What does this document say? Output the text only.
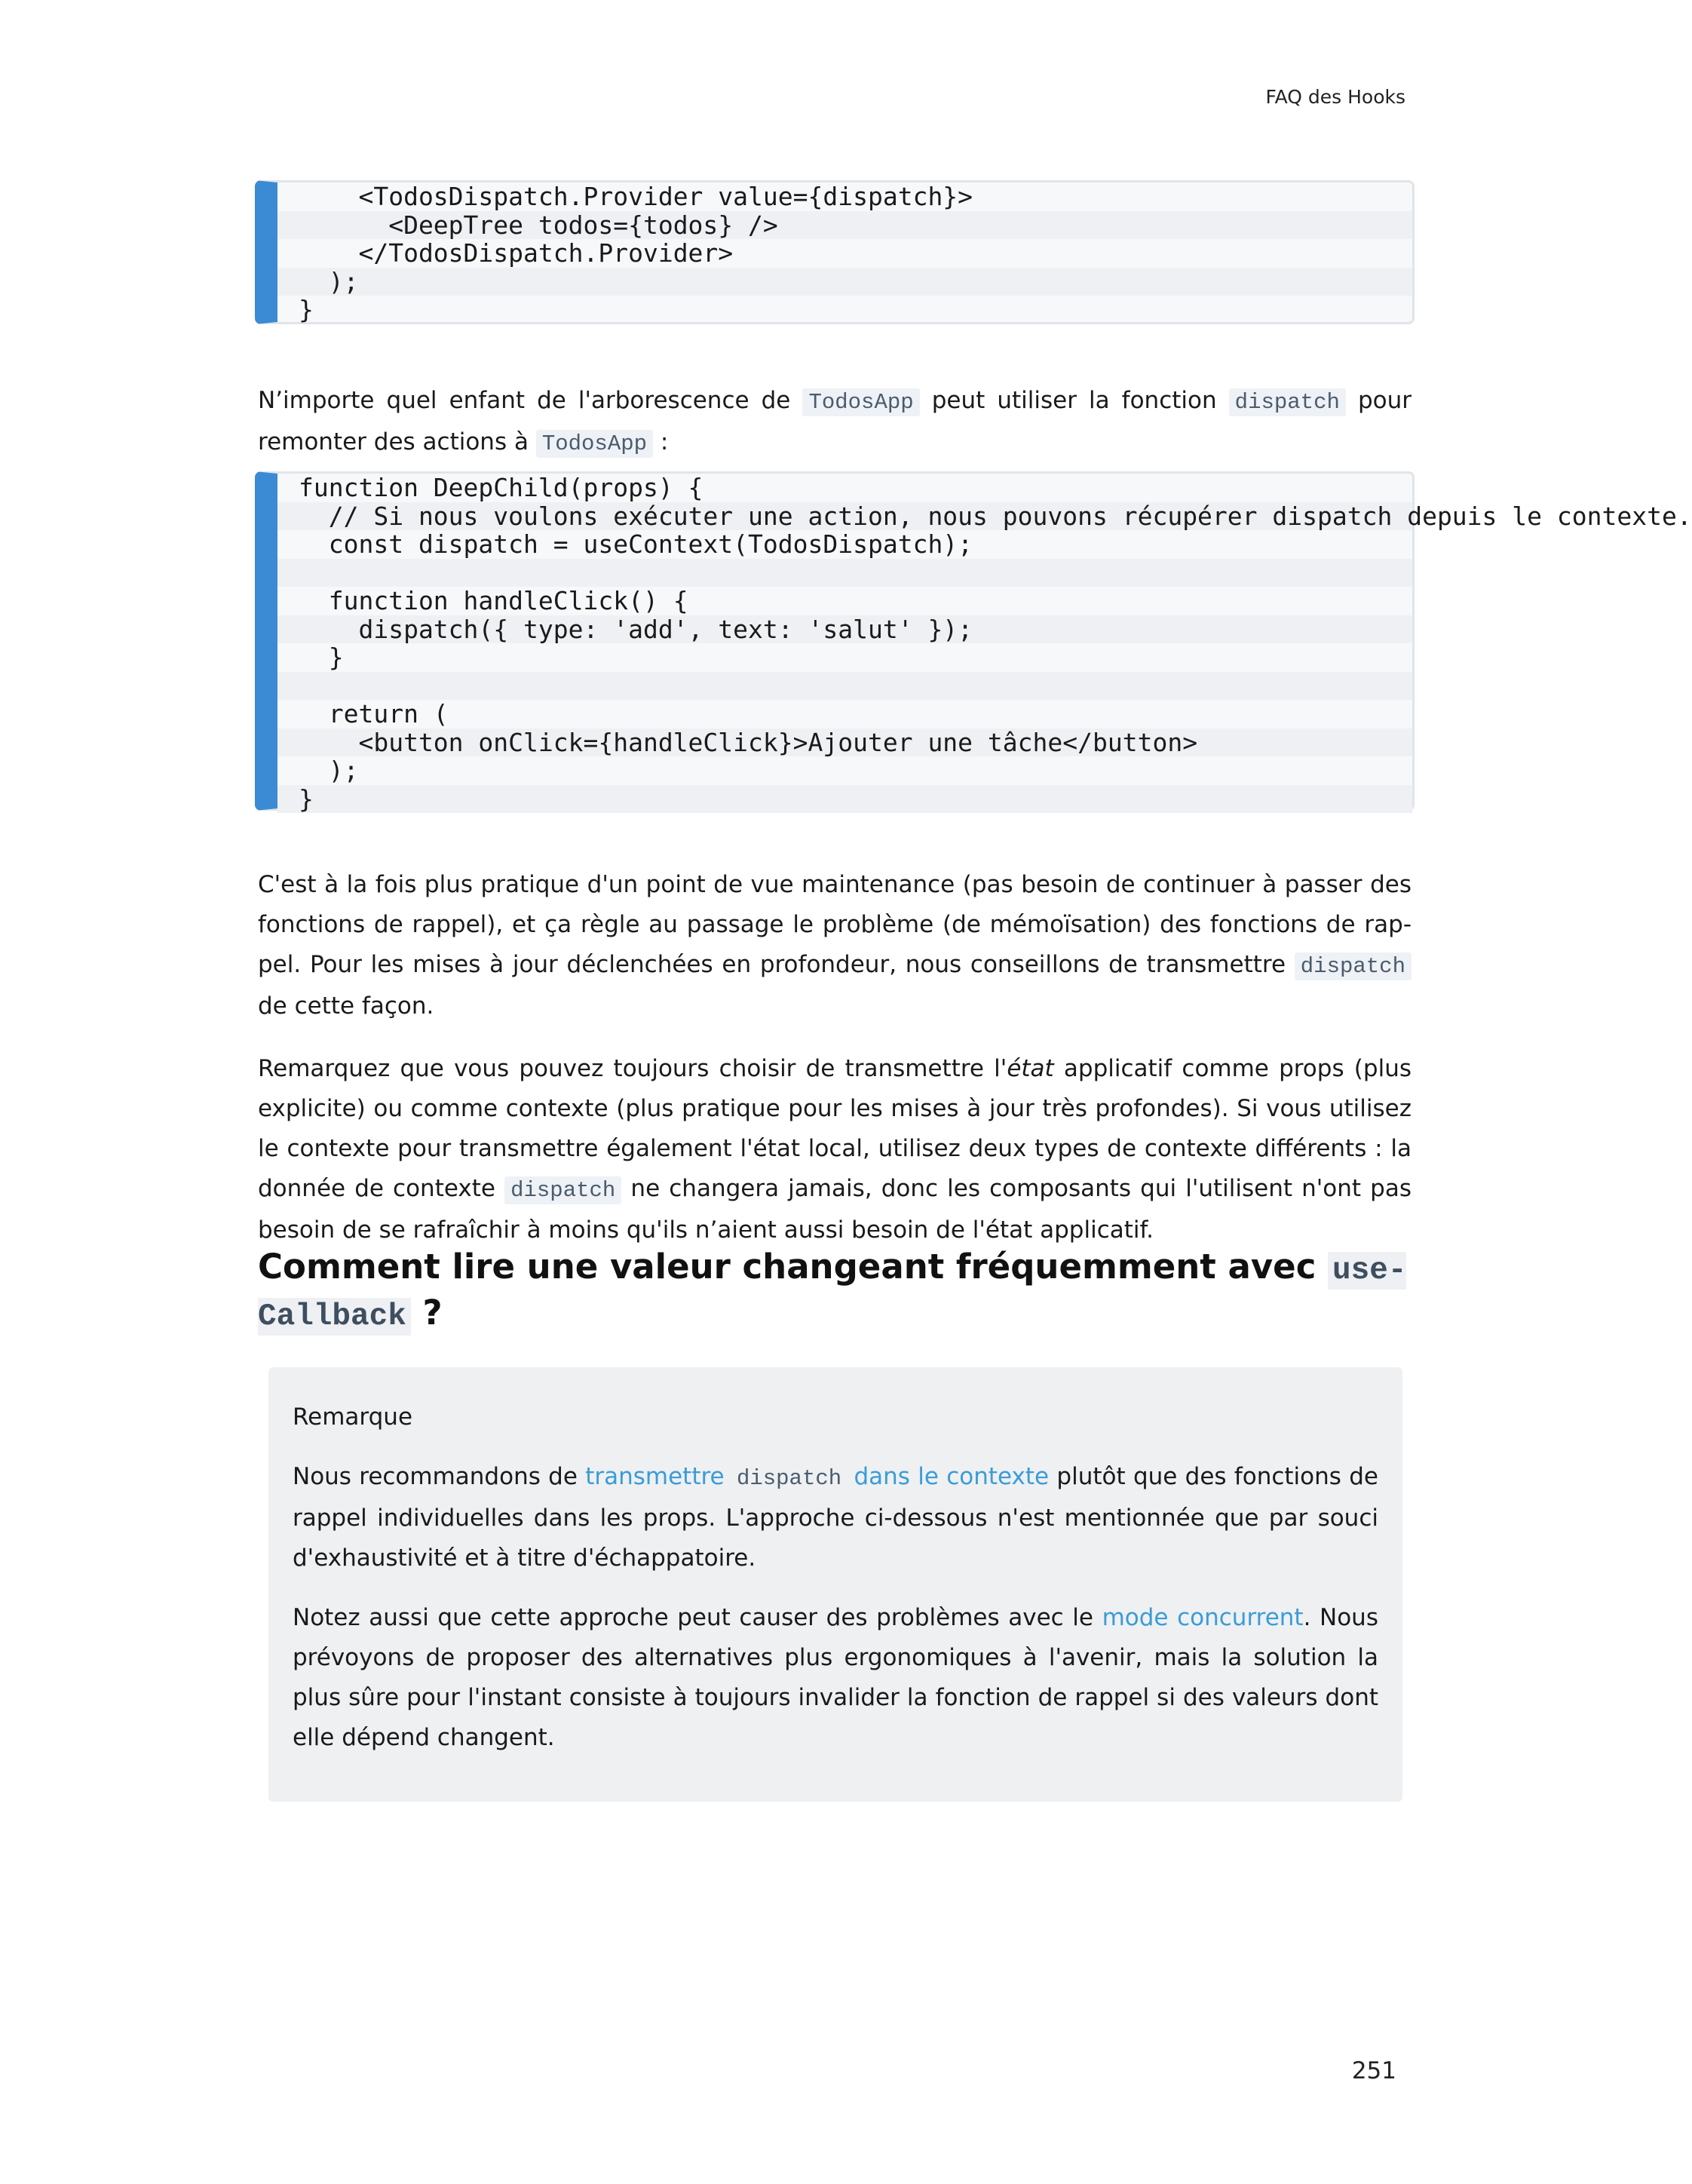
FAQ des Hooks
<TodosDispatch.Provider value={dispatch}>
<DeepTree todos={todos} />
</TodosDispatch.Provider>
);
}

N’importe quel enfant de l'arborescence de TodosApp peut utiliser la fonction dispatch pour remonter des actions à TodosApp :

function DeepChild(props) {
// Si nous voulons exécuter une action, nous pouvons récupérer dispatch depuis le contexte.
const dispatch = useContext(TodosDispatch);
function handleClick() {
dispatch({ type: 'add', text: 'salut' });
}
return (
<button onClick={handleClick}>Ajouter une tâche</button>
);
}

C'est à la fois plus pratique d'un point de vue maintenance (pas besoin de continuer à passer des fonctions de rappel), et ça règle au passage le problème (de mémoïsation) des fonctions de rappel. Pour les mises à jour déclenchées en profondeur, nous conseillons de transmettre dispatch de cette façon.

Remarquez que vous pouvez toujours choisir de transmettre l'état applicatif comme props (plus explicite) ou comme contexte (plus pratique pour les mises à jour très profondes). Si vous utilisez le contexte pour transmettre également l'état local, utilisez deux types de contexte différents : la donnée de contexte dispatch ne changera jamais, donc les composants qui l'utilisent n'ont pas besoin de se rafraîchir à moins qu'ils n’aient aussi besoin de l'état applicatif.

Comment lire une valeur changeant fréquemment avec useCallback ?

Remarque

Nous recommandons de transmettre dispatch dans le contexte plutôt que des fonctions de rappel individuelles dans les props. L'approche ci-dessous n'est mentionnée que par souci d'exhaustivité et à titre d'échappatoire.

Notez aussi que cette approche peut causer des problèmes avec le mode concurrent. Nous prévoyons de proposer des alternatives plus ergonomiques à l'avenir, mais la solution la plus sûre pour l'instant consiste à toujours invalider la fonction de rappel si des valeurs dont elle dépend changent.

251
